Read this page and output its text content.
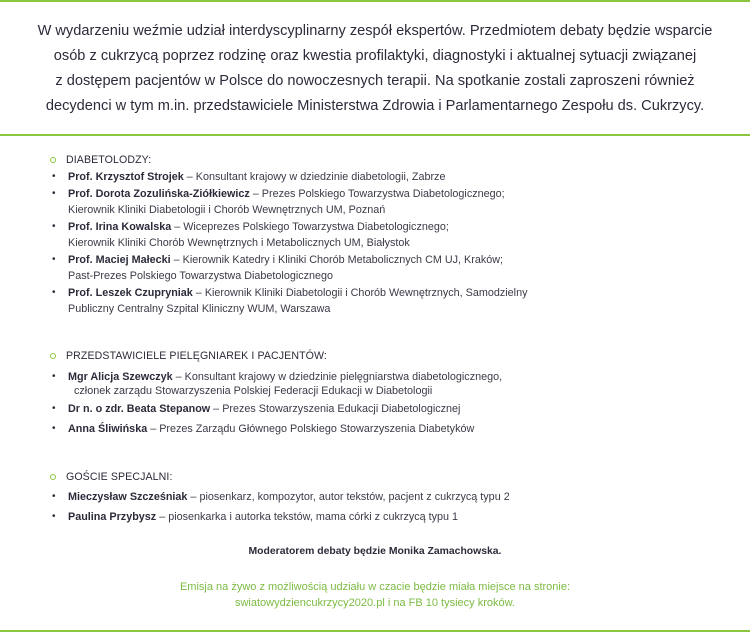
W wydarzeniu weźmie udział interdyscyplinarny zespół ekspertów. Przedmiotem debaty będzie wsparcie
osób z cukrzycą poprzez rodzinę oraz kwestia profilaktyki, diagnostyki i aktualnej sytuacji związanej
z dostępem pacjentów w Polsce do nowoczesnych terapii. Na spotkanie zostali zaproszeni również
decydenci w tym m.in. przedstawiciele Ministerstwa Zdrowia i Parlamentarnego Zespołu ds. Cukrzycy.
DIABETOLODZY:
• Prof. Krzysztof Strojek – Konsultant krajowy w dziedzinie diabetologii, Zabrze
• Prof. Dorota Zozulińska-Ziółkiewicz – Prezes Polskiego Towarzystwa Diabetologicznego;
Kierownik Kliniki Diabetologii i Chorób Wewnętrznych UM, Poznań
• Prof. Irina Kowalska – Wiceprezes Polskiego Towarzystwa Diabetologicznego;
Kierownik Kliniki Chorób Wewnętrznych i Metabolicznych UM, Białystok
• Prof. Maciej Małecki – Kierownik Katedry i Kliniki Chorób Metabolicznych CM UJ, Kraków;
Past-Prezes Polskiego Towarzystwa Diabetologicznego
• Prof. Leszek Czupryniak – Kierownik Kliniki Diabetologii i Chorób Wewnętrznych, Samodzielny
Publiczny Centralny Szpital Kliniczny WUM, Warszawa
PRZEDSTAWICIELE PIELĘGNIAREK I PACJENTÓW:
• Mgr Alicja Szewczyk – Konsultant krajowy w dziedzinie pielęgniarstwa diabetologicznego,
członek zarządu Stowarzyszenia Polskiej Federacji Edukacji w Diabetologii
• Dr n. o zdr. Beata Stepanow – Prezes Stowarzyszenia Edukacji Diabetologicznej
• Anna Śliwińska – Prezes Zarządu Głównego Polskiego Stowarzyszenia Diabetyków
GOŚCIE SPECJALNI:
• Mieczysław Szcześniak – piosenkarz, kompozytor, autor tekstów, pacjent z cukrzycą typu 2
• Paulina Przybysz – piosenkarka i autorka tekstów, mama córki z cukrzycą typu 1
Moderatorem debaty będzie Monika Zamachowska.
Emisja na żywo z możliwością udziału w czacie będzie miała miejsce na stronie:
swiatowydziencukrzycy2020.pl i na FB 10 tysiecy kroków.
